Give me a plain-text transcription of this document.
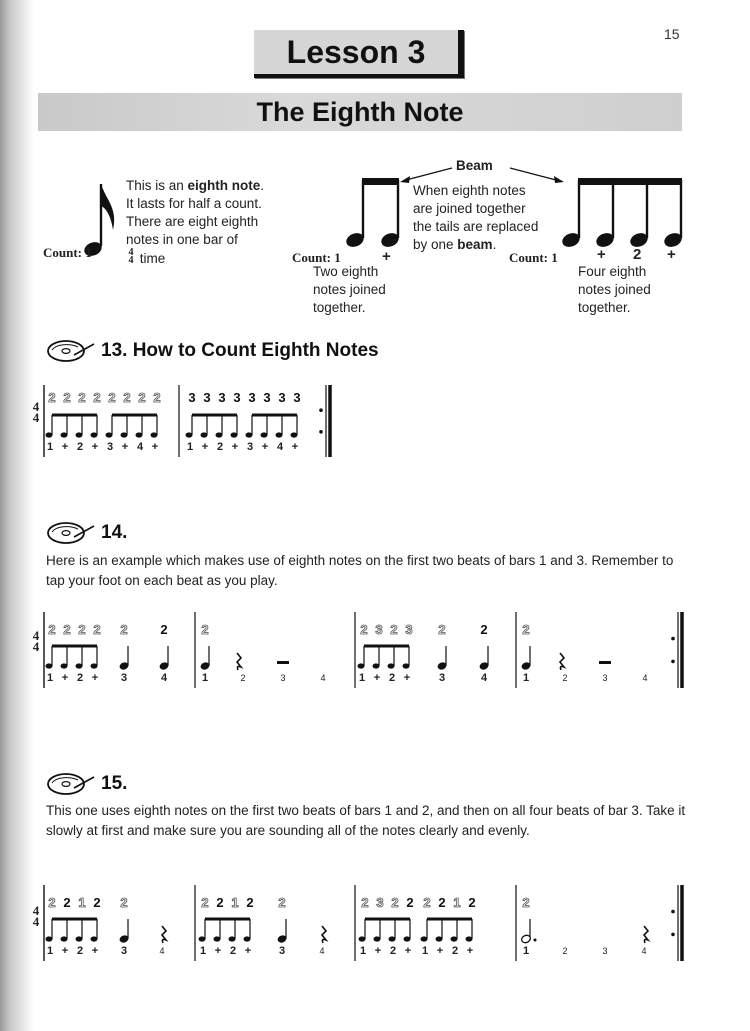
15
Lesson 3
The Eighth Note
Count: 1
This is an eighth note.
It lasts for half a count.
There are eight eighth
notes in one bar of
4
4 time	Count: 1	+
Two eighth
notes joined
together.
Beam
When eighth notes
are joined together
the tails are replaced
by one beam.
Count: 1	+ 2 +
Four eighth
notes joined
together.
13. How to Count Eighth Notes
4
4
2 2 2 2 2 2 2 2 3 3 3 3 3 3 3 3
1 + 2 + 3 + 4 +	1 + 2 + 3 + 4 +
14.
Here is an example which makes use of eighth notes on the first two beats of bars 1 and 3. Remember to tap your foot on each beat as you play.
4
4
2 2 2 2 2	2
1 + 2 + 3	4
2
1	2	3	4
2 3 2 3 2	2
1 + 2 +	3	4
2
1	2	3	4
15.
This one uses eighth notes on the first two beats of bars 1 and 2, and then on all four beats of bar 3. Take it slowly at first and make sure you are sounding all of the notes clearly and evenly.
4
4
2 2 1 2 2
1 + 2 + 3	4
2 2 1 2 2
1 + 2 +	3	4
2 3 2 2 2 2 1 2
1 + 2 + 1 + 2 +
2
1	2	3	4
